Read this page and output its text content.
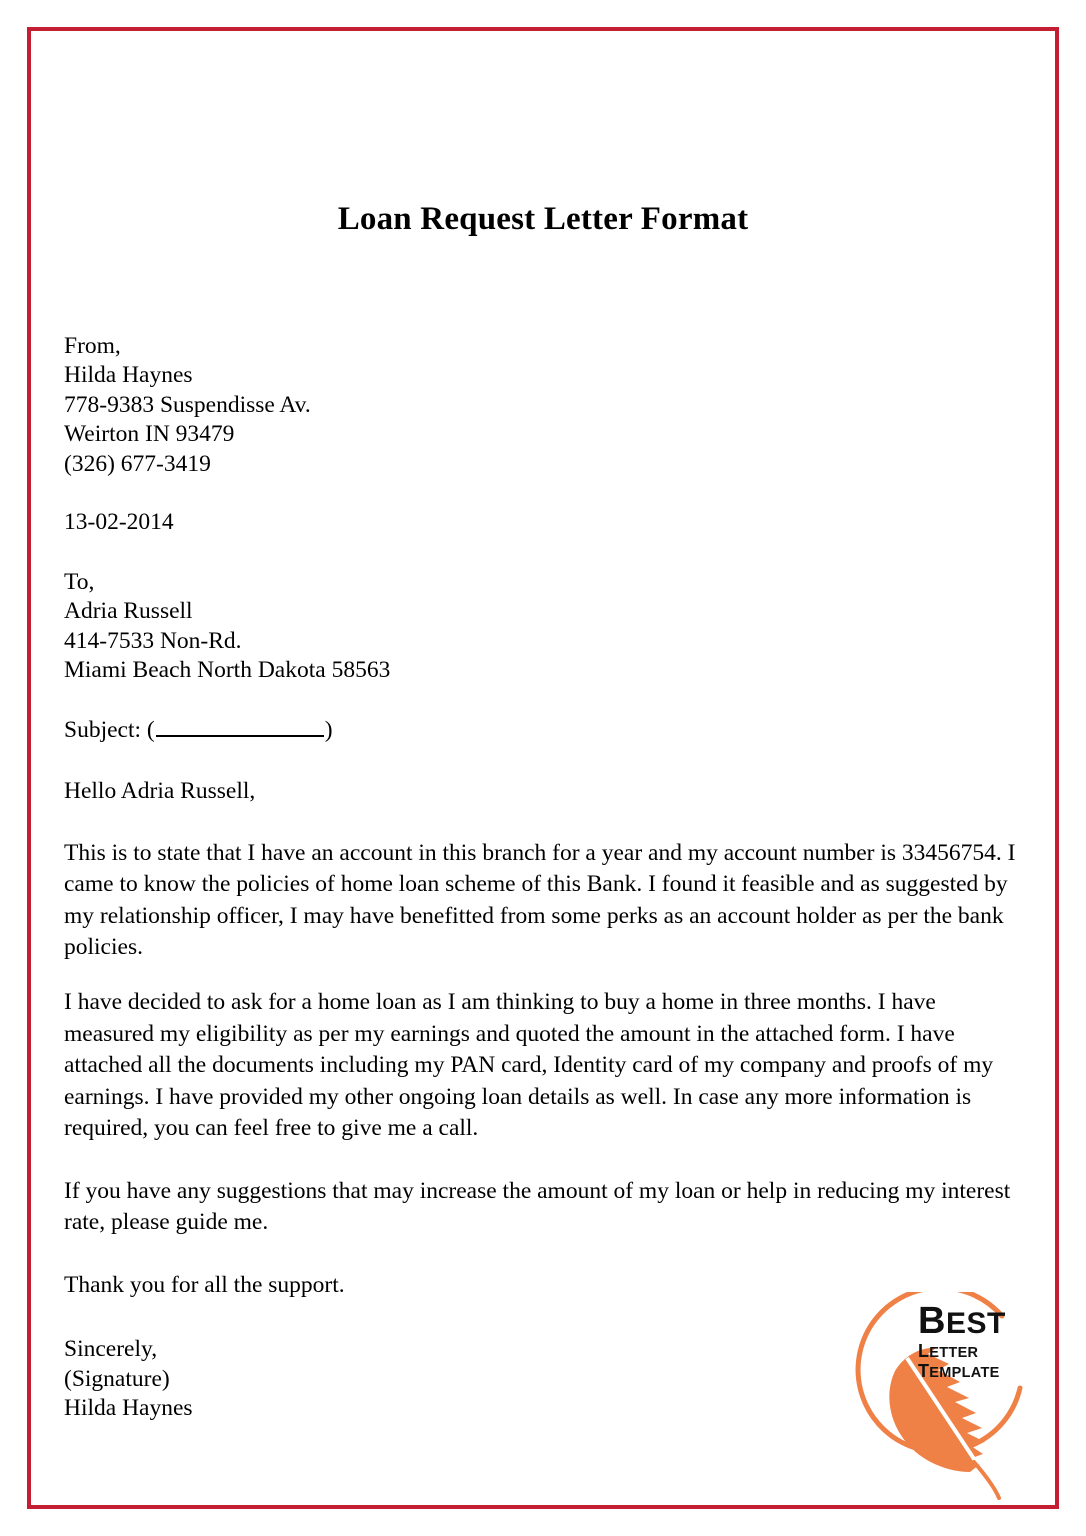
Loan Request Letter Format
From,
Hilda Haynes
778-9383 Suspendisse Av.
Weirton IN 93479
(326) 677-3419
13-02-2014
To,
Adria Russell
414-7533 Non-Rd.
Miami Beach North Dakota 58563
Subject: (	)
Hello Adria Russell,

This is to state that I have an account in this branch for a year and my account number is 33456754. I came to know the policies of home loan scheme of this Bank. I found it feasible and as suggested by my relationship officer, I may have benefitted from some perks as an account holder as per the bank policies.

I have decided to ask for a home loan as I am thinking to buy a home in three months. I have measured my eligibility as per my earnings and quoted the amount in the attached form. I have attached all the documents including my PAN card, Identity card of my company and proofs of my earnings. I have provided my other ongoing loan details as well. In case any more information is required, you can feel free to give me a call.

If you have any suggestions that may increase the amount of my loan or help in reducing my interest rate, please guide me.

Thank you for all the support.

Sincerely,
(Signature)
Hilda Haynes
BEST
LETTER TEMPLATE
